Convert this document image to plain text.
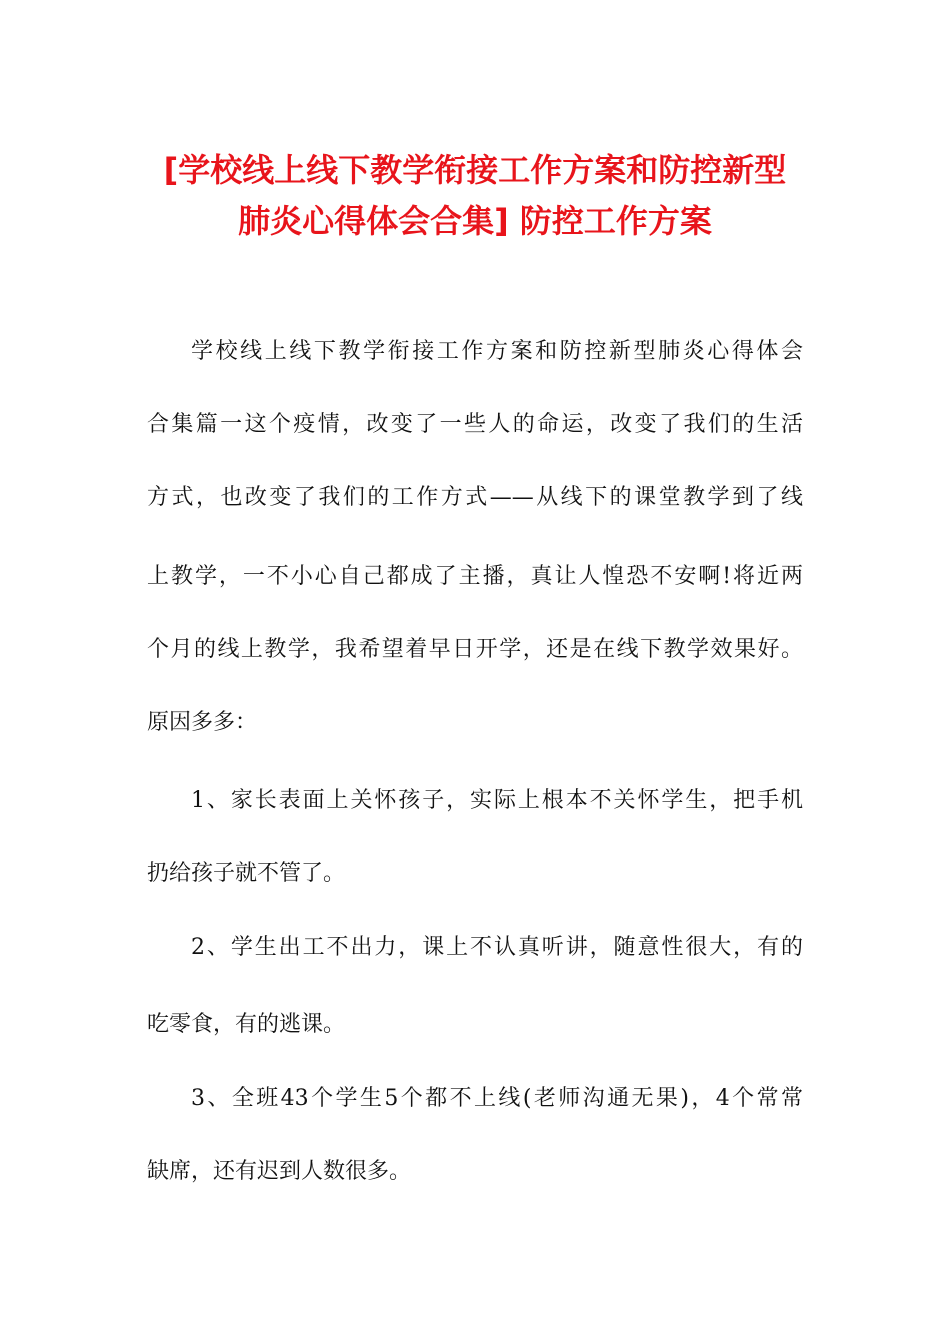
[学校线上线下教学衔接工作方案和防控新型
肺炎心得体会合集] 防控工作方案

学校线上线下教学衔接工作方案和防控新型肺炎心得体会

合集篇一这个疫情，改变了一些人的命运，改变了我们的生活

方式，也改变了我们的工作方式——从线下的课堂教学到了线

上教学，一不小心自己都成了主播，真让人惶恐不安啊!将近两

个月的线上教学，我希望着早日开学，还是在线下教学效果好。

原因多多：

1、家长表面上关怀孩子，实际上根本不关怀学生，把手机

扔给孩子就不管了。

2、学生出工不出力，课上不认真听讲，随意性很大，有的

吃零食，有的逃课。

3、全班43个学生5个都不上线(老师沟通无果)，4个常常

缺席，还有迟到人数很多。
